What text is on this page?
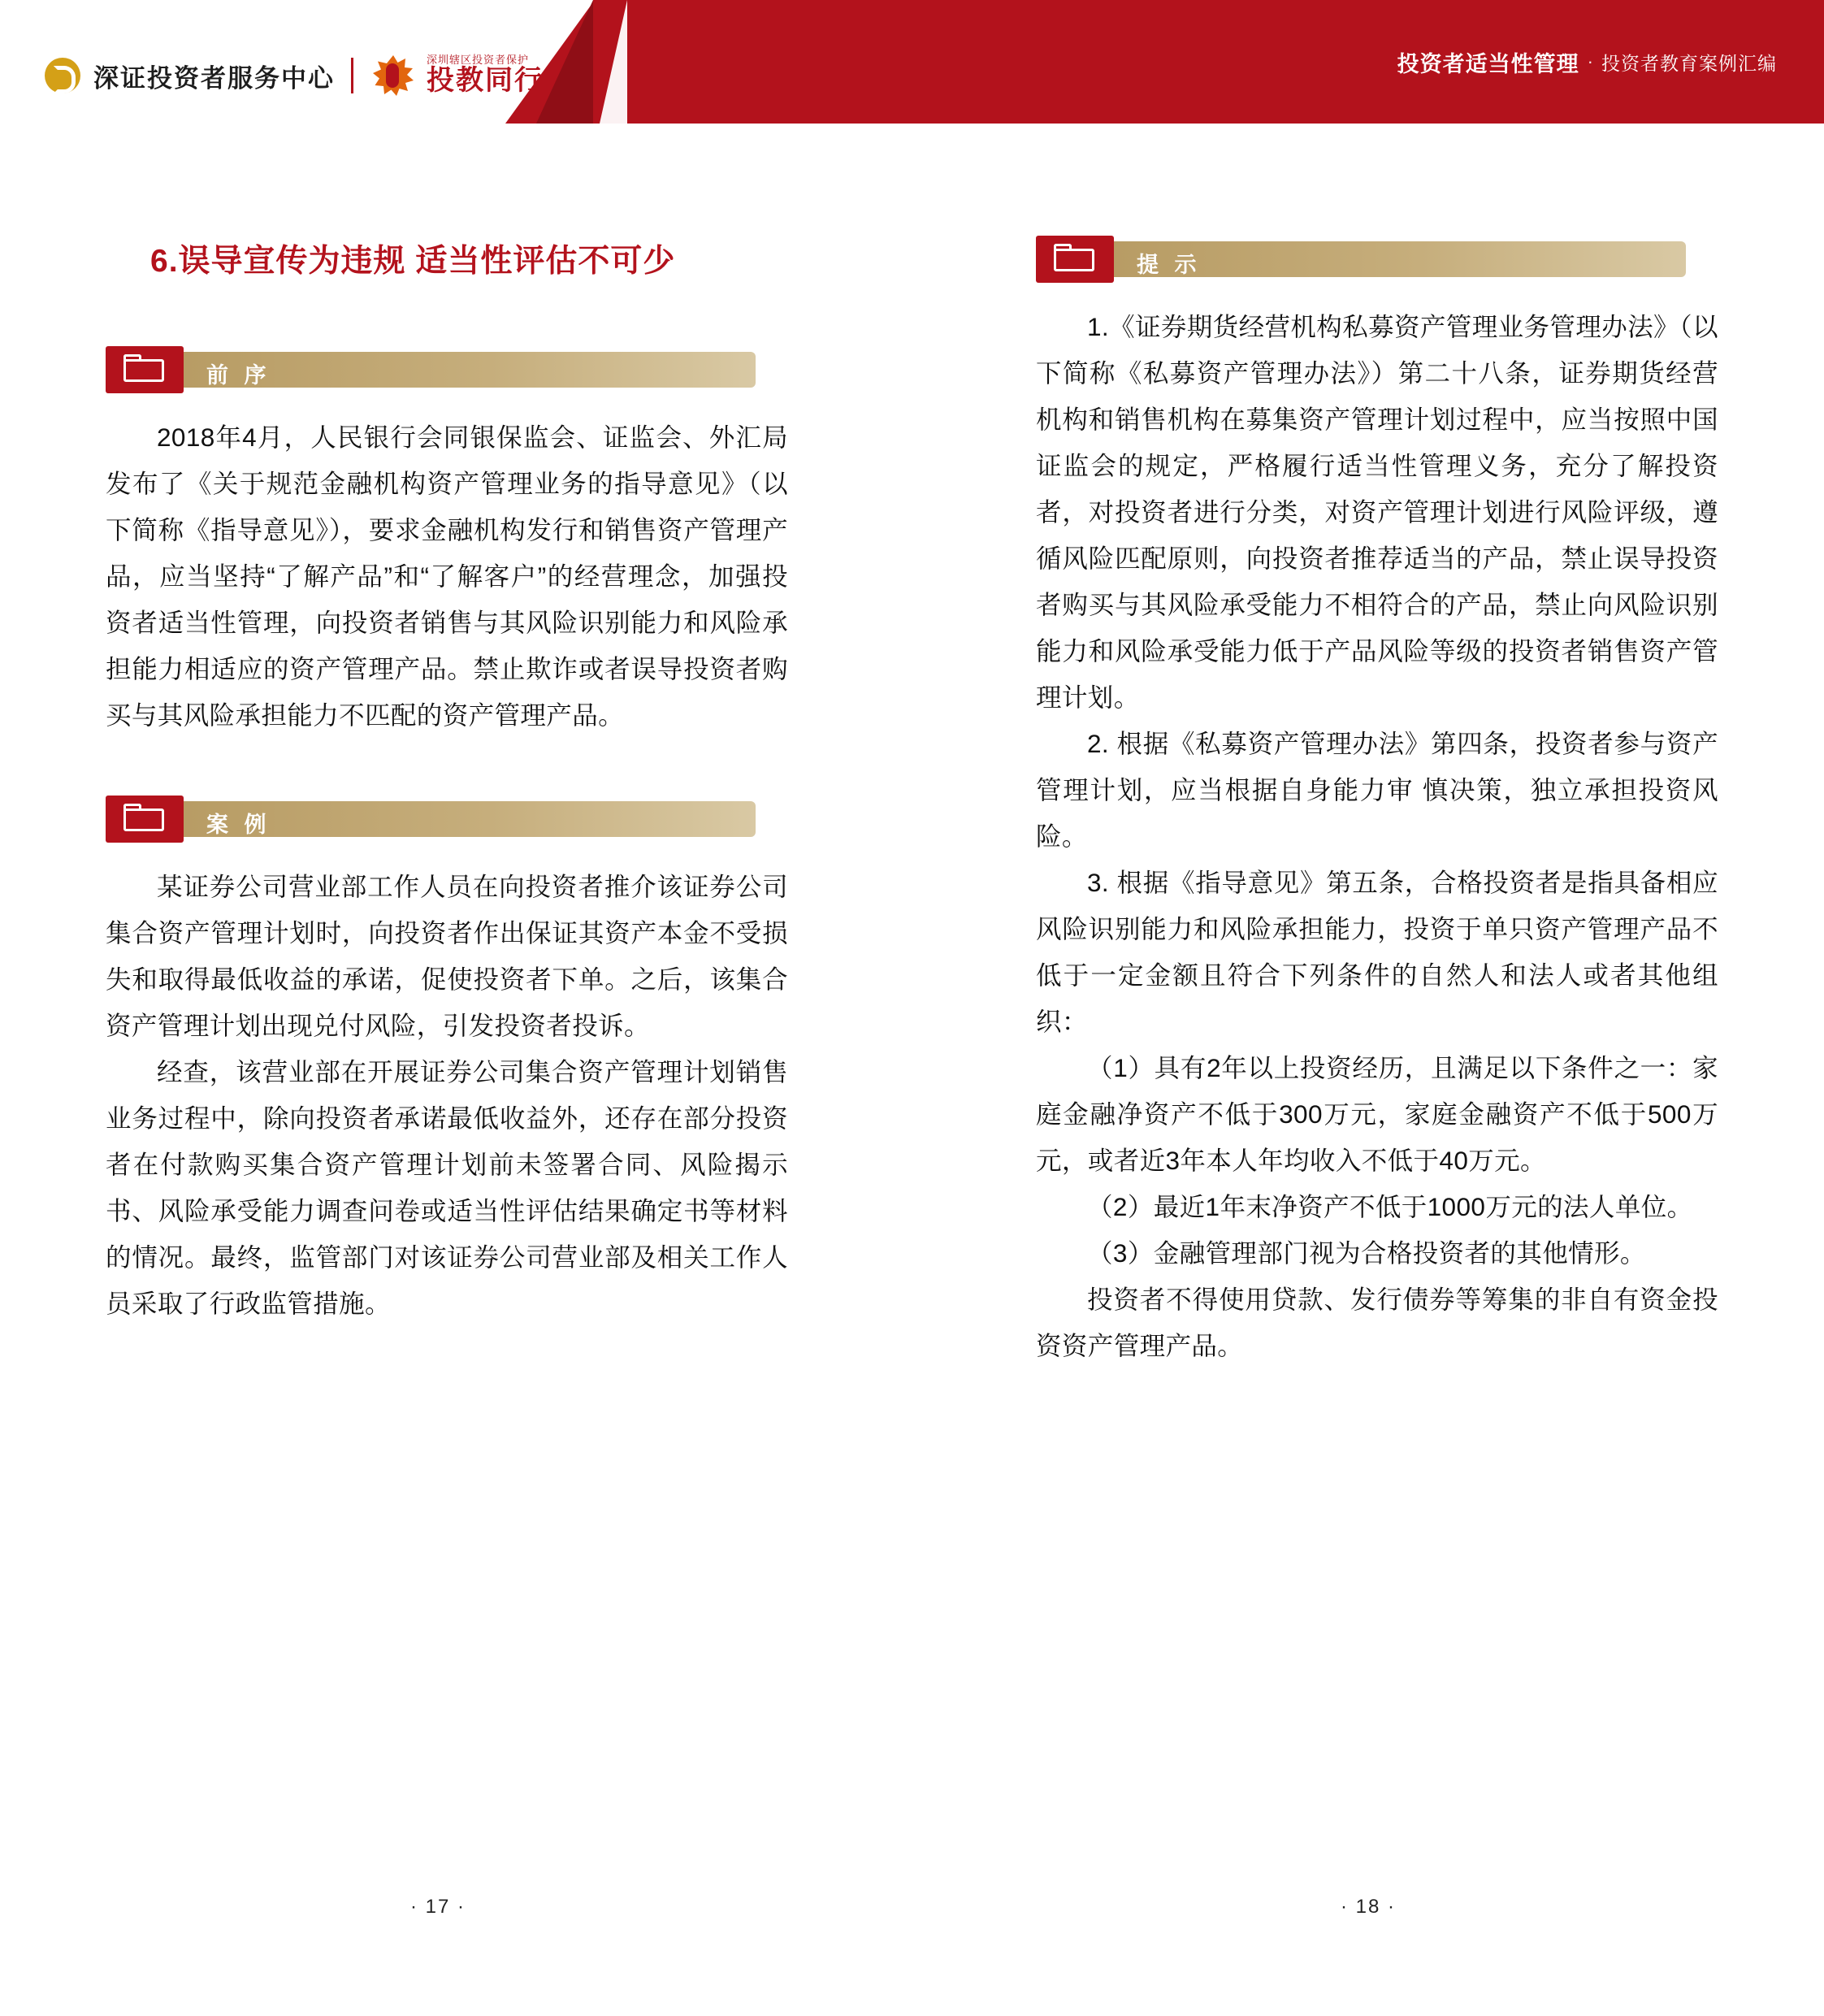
深证投资者服务中心
深圳辖区投资者保护
投教同行
投资者适当性管理 · 投资者教育案例汇编
6.误导宣传为违规 适当性评估不可少
前 序

2018年4月，人民银行会同银保监会、证监会、外汇局发布了《关于规范金融机构资产管理业务的指导意见》（以下简称《指导意见》），要求金融机构发行和销售资产管理产品，应当坚持“了解产品”和“了解客户”的经营理念，加强投资者适当性管理，向投资者销售与其风险识别能力和风险承担能力相适应的资产管理产品。禁止欺诈或者误导投资者购买与其风险承担能力不匹配的资产管理产品。

案 例

某证券公司营业部工作人员在向投资者推介该证券公司集合资产管理计划时，向投资者作出保证其资产本金不受损失和取得最低收益的承诺，促使投资者下单。之后，该集合资产管理计划出现兑付风险，引发投资者投诉。

经查，该营业部在开展证券公司集合资产管理计划销售业务过程中，除向投资者承诺最低收益外，还存在部分投资者在付款购买集合资产管理计划前未签署合同、风险揭示书、风险承受能力调查问卷或适当性评估结果确定书等材料的情况。最终，监管部门对该证券公司营业部及相关工作人员采取了行政监管措施。

提 示

1.《证券期货经营机构私募资产管理业务管理办法》（以下简称《私募资产管理办法》）第二十八条，证券期货经营机构和销售机构在募集资产管理计划过程中，应当按照中国证监会的规定，严格履行适当性管理义务，充分了解投资者，对投资者进行分类，对资产管理计划进行风险评级，遵循风险匹配原则，向投资者推荐适当的产品，禁止误导投资者购买与其风险承受能力不相符合的产品，禁止向风险识别能力和风险承受能力低于产品风险等级的投资者销售资产管理计划。

2. 根据《私募资产管理办法》第四条，投资者参与资产管理计划，应当根据自身能力审 慎决策，独立承担投资风险。

3. 根据《指导意见》第五条，合格投资者是指具备相应风险识别能力和风险承担能力，投资于单只资产管理产品不低于一定金额且符合下列条件的自然人和法人或者其他组织：

（1）具有2年以上投资经历，且满足以下条件之一：家庭金融净资产不低于300万元，家庭金融资产不低于500万元，或者近3年本人年均收入不低于40万元。

（2）最近1年末净资产不低于1000万元的法人单位。

（3）金融管理部门视为合格投资者的其他情形。

投资者不得使用贷款、发行债券等筹集的非自有资金投资资产管理产品。

· 17 ·	· 18 ·
